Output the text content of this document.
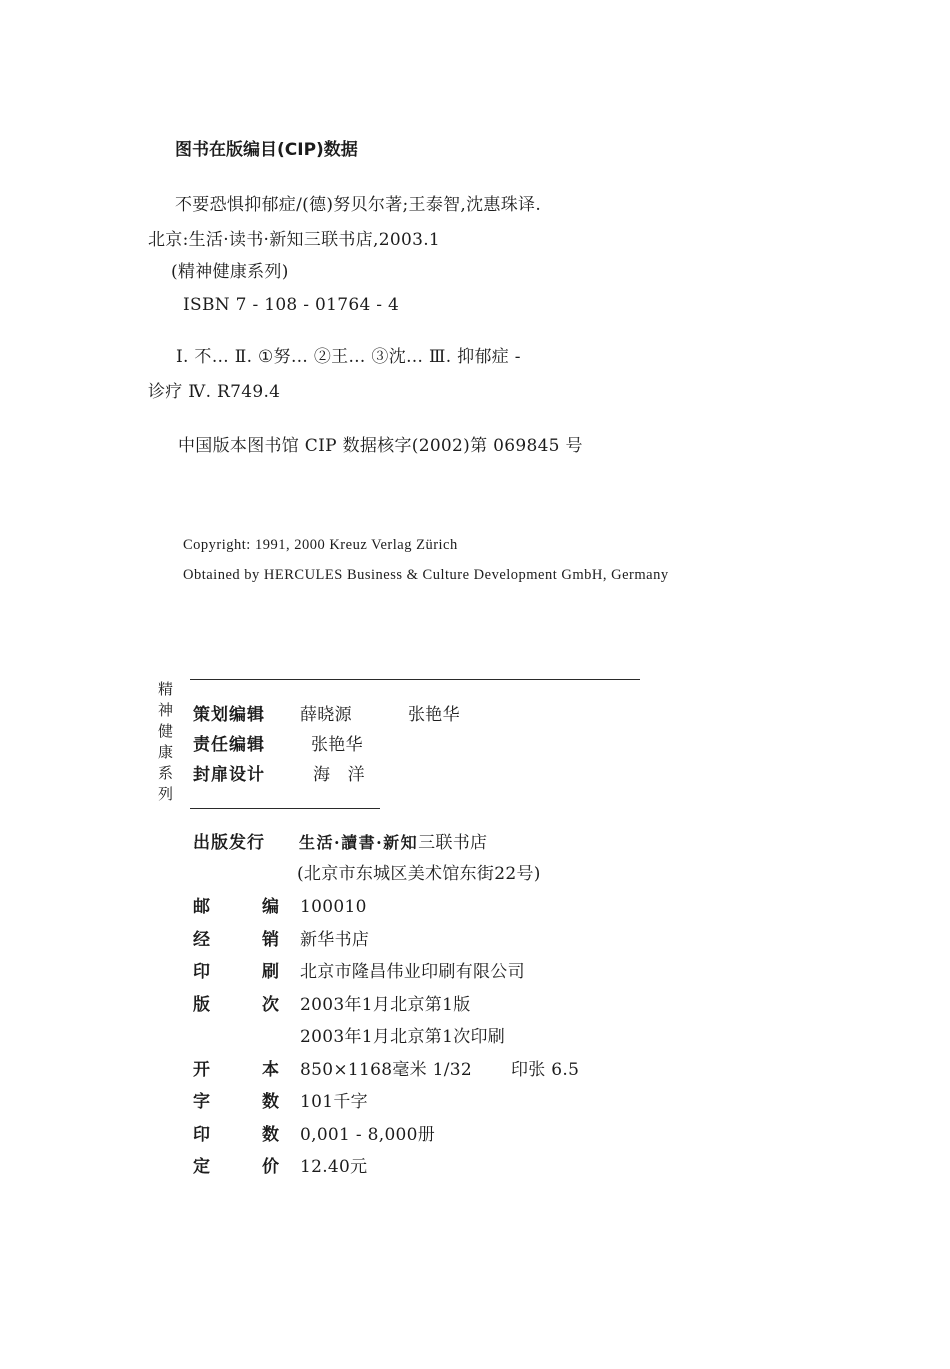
图书在版编目(CIP)数据
不要恐惧抑郁症/(德)努贝尔著;王泰智,沈惠珠译.
北京:生活·读书·新知三联书店,2003.1
(精神健康系列)
ISBN 7 - 108 - 01764 - 4
Ⅰ. 不… Ⅱ. ①努… ②王… ③沈… Ⅲ. 抑郁症 -
诊疗 Ⅳ. R749.4
中国版本图书馆 CIP 数据核字(2002)第 069845 号
Copyright: 1991, 2000 Kreuz Verlag Zürich
Obtained by HERCULES Business & Culture Development GmbH, Germany
精神健康系列 策划编辑 薛晓源	张艳华
责任编辑	张艳华
封扉设计	海　洋
出版发行 生活·讀書·新知三联书店
(北京市东城区美术馆东街22号)
邮	编 100010
经	销 新华书店
印	刷 北京市隆昌伟业印刷有限公司
版	次 2003年1月北京第1版
2003年1月北京第1次印刷
开	本 850×1168毫米 1/32 印张 6.5
字	数 101千字
印	数 0,001 - 8,000册
定	价 12.40元
